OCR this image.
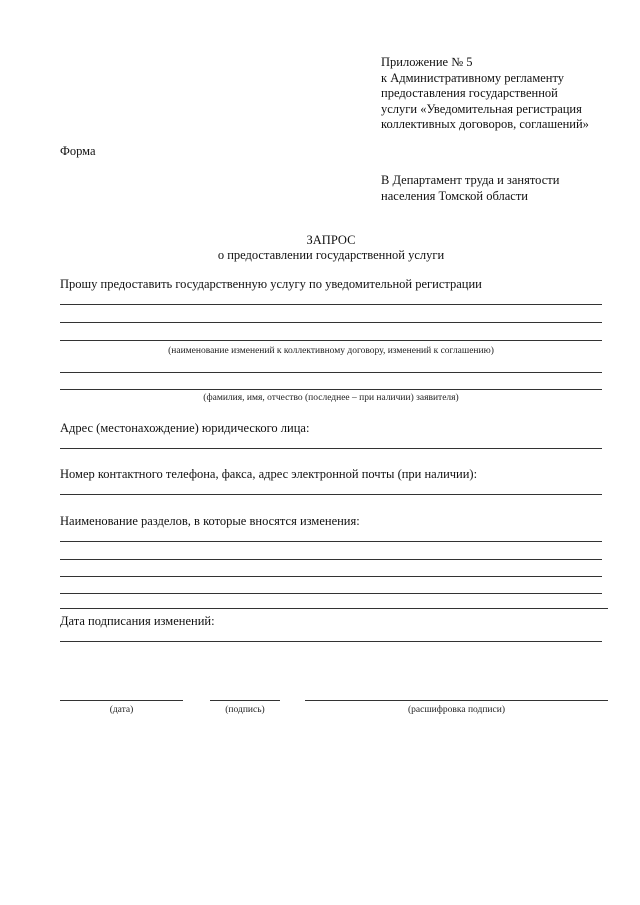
Приложение № 5
к Административному регламенту
предоставления государственной
услуги «Уведомительная регистрация
коллективных договоров, соглашений»
Форма
В Департамент труда и занятости
населения Томской области
ЗАПРОС
о предоставлении государственной услуги
Прошу предоставить государственную услугу по уведомительной регистрации
(наименование изменений к коллективному договору, изменений к соглашению)
(фамилия, имя, отчество (последнее – при наличии) заявителя)
Адрес (местонахождение) юридического лица:
Номер контактного телефона, факса, адрес электронной почты (при наличии):
Наименование разделов, в которые вносятся изменения:
Дата подписания изменений:
(дата)	(подпись)	(расшифровка подписи)
